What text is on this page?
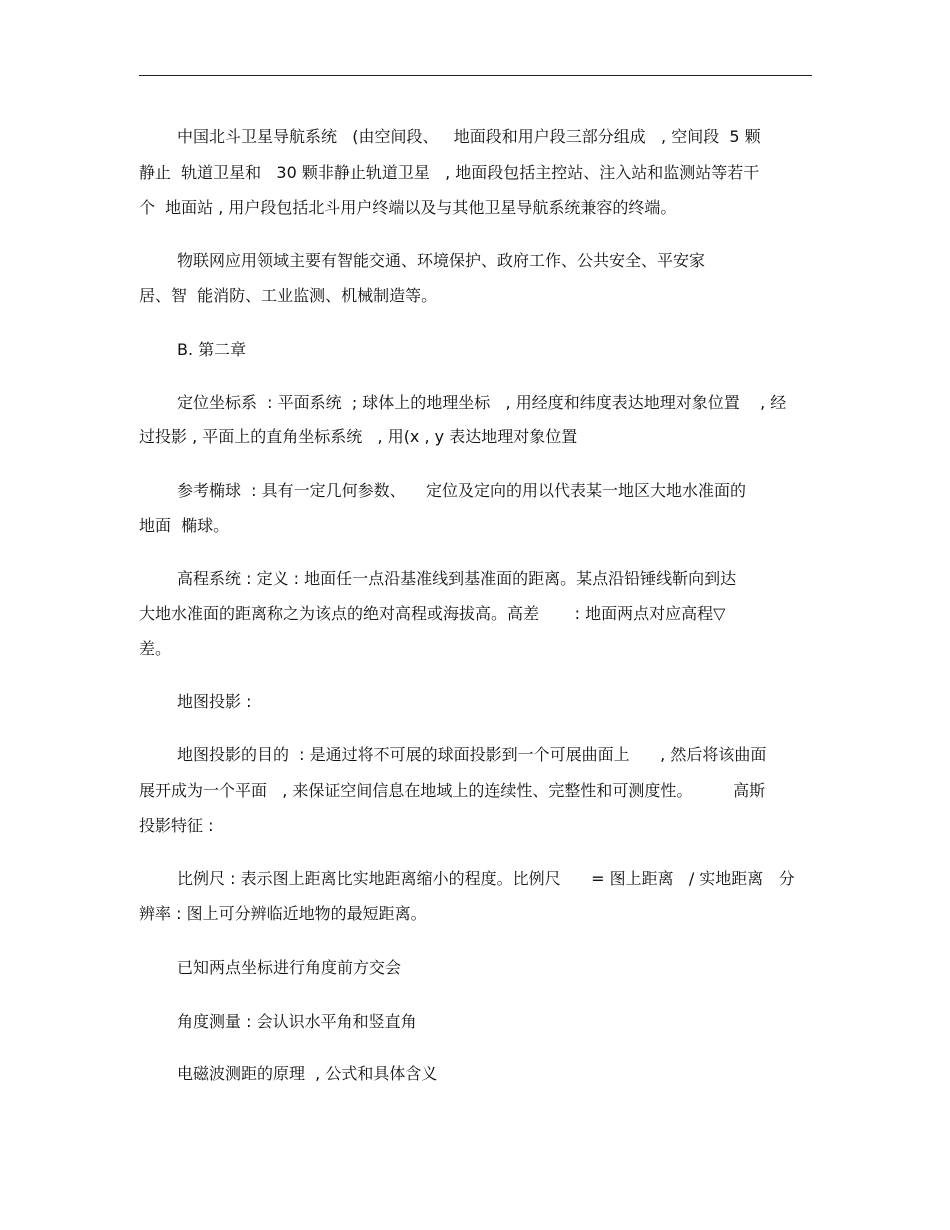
中国北斗卫星导航系统   (由空间段、   地面段和用户段三部分组成   , 空间段  5 颗
静止  轨道卫星和   30 颗非静止轨道卫星   , 地面段包括主控站、注入站和监测站等若干
个  地面站 , 用户段包括北斗用户终端以及与其他卫星导航系统兼容的终端。
物联网应用领域主要有智能交通、环境保护、政府工作、公共安全、平安家
居、智  能消防、工业监测、机械制造等。
B. 第二章
定位坐标系  : 平面系统  ; 球体上的地理坐标   , 用经度和纬度表达地理对象位置    , 经
过投影 , 平面上的直角坐标系统   , 用(x , y 表达地理对象位置
参考椭球  : 具有一定几何参数、    定位及定向的用以代表某一地区大地水准面的
地面  椭球。
高程系统 : 定义 : 地面任一点沿基准线到基准面的距离。某点沿铅锤线靳向到达
大地水准面的距离称之为该点的绝对高程或海拔高。高差       : 地面两点对应高程▽
差。
地图投影 :
地图投影的目的  : 是通过将不可展的球面投影到一个可展曲面上      , 然后将该曲面
展开成为一个平面   , 来保证空间信息在地域上的连续性、完整性和可测度性。        高斯
投影特征 :
比例尺 : 表示图上距离比实地距离缩小的程度。比例尺      = 图上距离   / 实地距离   分
辨率 : 图上可分辨临近地物的最短距离。
已知两点坐标进行角度前方交会
角度测量 : 会认识水平角和竖直角
电磁波测距的原理  , 公式和具体含义
